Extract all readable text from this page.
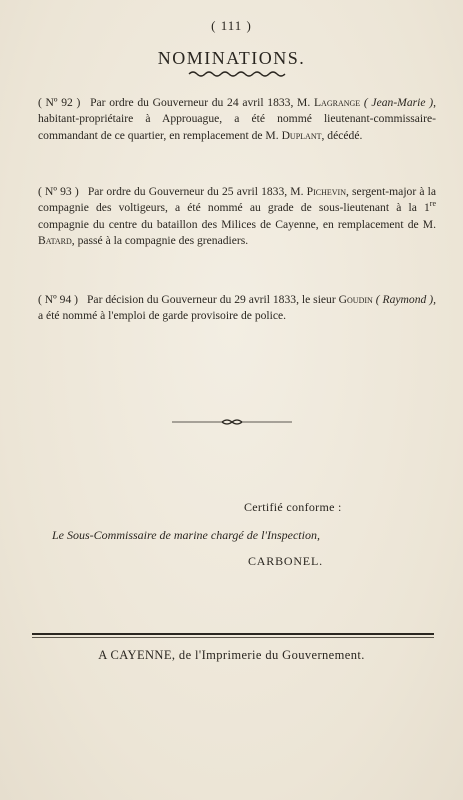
( 111 )
NOMINATIONS.
( Nº 92 ) Par ordre du Gouverneur du 24 avril 1833, M. Lagrange ( Jean-Marie ), habitant-propriétaire à Approuague, a été nommé lieutenant-commissaire-commandant de ce quartier, en remplacement de M. Duplant, décédé.
( Nº 93 ) Par ordre du Gouverneur du 25 avril 1833, M. Pichevin, sergent-major à la compagnie des voltigeurs, a été nommé au grade de sous-lieutenant à la 1re compagnie du centre du bataillon des Milices de Cayenne, en remplacement de M. Batard, passé à la compagnie des grenadiers.
( Nº 94 ) Par décision du Gouverneur du 29 avril 1833, le sieur Goudin ( Raymond ), a été nommé à l'emploi de garde provisoire de police.
Certifié conforme :
Le Sous-Commissaire de marine chargé de l'Inspection,
CARBONEL.
A CAYENNE, de l'Imprimerie du Gouvernement.
